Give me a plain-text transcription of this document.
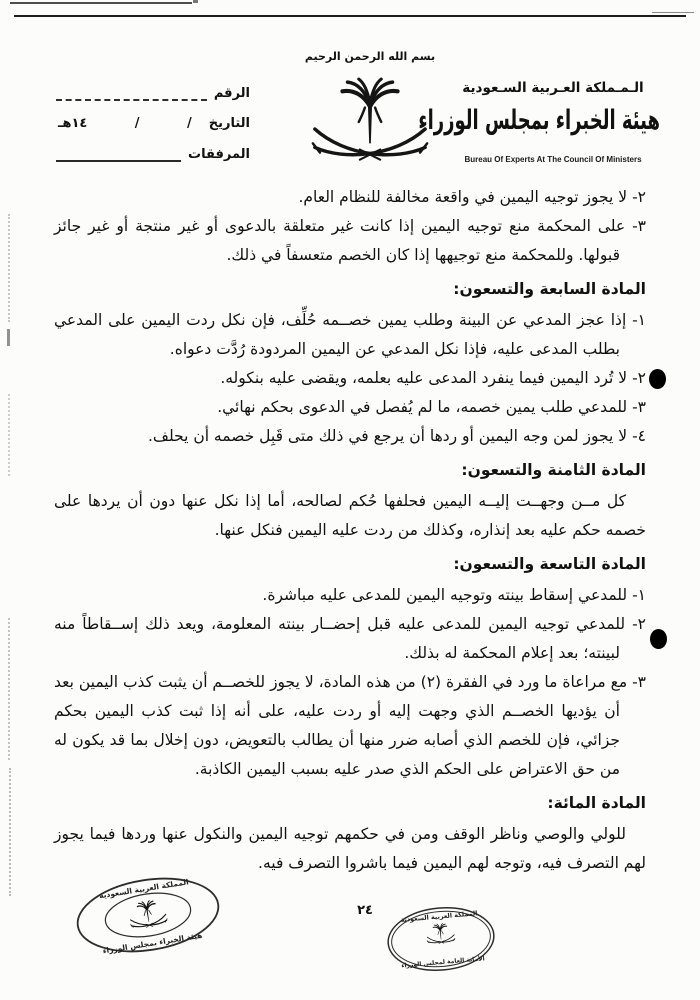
الـمـملكة العـربية السـعودية
هيئة الخبراء بمجلس الوزراء
Bureau Of Experts At The Council Of Ministers
بسم الله الرحمن الرحيم
الرقم
التاريخ
/
/
١٤هـ
المرفقات
٢- لا يجوز توجيه اليمين في واقعة مخالفة للنظام العام.
٣- على المحكمة منع توجيه اليمين إذا كانت غير متعلقة بالدعوى أو غير منتجة أو غير جائز قبولها. وللمحكمة منع توجيهها إذا كان الخصم متعسفاً في ذلك.
المادة السابعة والتسعون:
١- إذا عجز المدعي عن البينة وطلب يمين خصــمه حُلِّف، فإن نكل ردت اليمين على المدعي بطلب المدعى عليه، فإذا نكل المدعي عن اليمين المردودة رُدَّت دعواه.
٢- لا تُرد اليمين فيما ينفرد المدعى عليه بعلمه، ويقضى عليه بنكوله.
٣- للمدعي طلب يمين خصمه، ما لم يُفصل في الدعوى بحكم نهائي.
٤- لا يجوز لمن وجه اليمين أو ردها أن يرجع في ذلك متى قَبِل خصمه أن يحلف.
المادة الثامنة والتسعون:
كل مــن وجهــت إليــه اليمين فحلفها حُكم لصالحه، أما إذا نكل عنها دون أن يردها على خصمه حكم عليه بعد إنذاره، وكذلك من ردت عليه اليمين فنكل عنها.
المادة التاسعة والتسعون:
١- للمدعي إسقاط بينته وتوجيه اليمين للمدعى عليه مباشرة.
٢- للمدعي توجيه اليمين للمدعى عليه قبل إحضــار بينته المعلومة، ويعد ذلك إســقاطاً منه لبينته؛ بعد إعلام المحكمة له بذلك.
٣- مع مراعاة ما ورد في الفقرة (٢) من هذه المادة، لا يجوز للخصــم أن يثبت كذب اليمين بعد أن يؤديها الخصــم الذي وجهت إليه أو ردت عليه، على أنه إذا ثبت كذب اليمين بحكم جزائي، فإن للخصم الذي أصابه ضرر منها أن يطالب بالتعويض، دون إخلال بما قد يكون له من حق الاعتراض على الحكم الذي صدر عليه بسبب اليمين الكاذبة.
المادة المائة:
للولي والوصي وناظر الوقف ومن في حكمهم توجيه اليمين والنكول عنها وردها فيما يجوز لهم التصرف فيه، وتوجه لهم اليمين فيما باشروا التصرف فيه.
٢٤
المملكة العربية السعودية
هيئة الخبراء بمجلس الوزراء
المملكة العربية السعودية
الأمانة العامة لمجلس الوزراء
